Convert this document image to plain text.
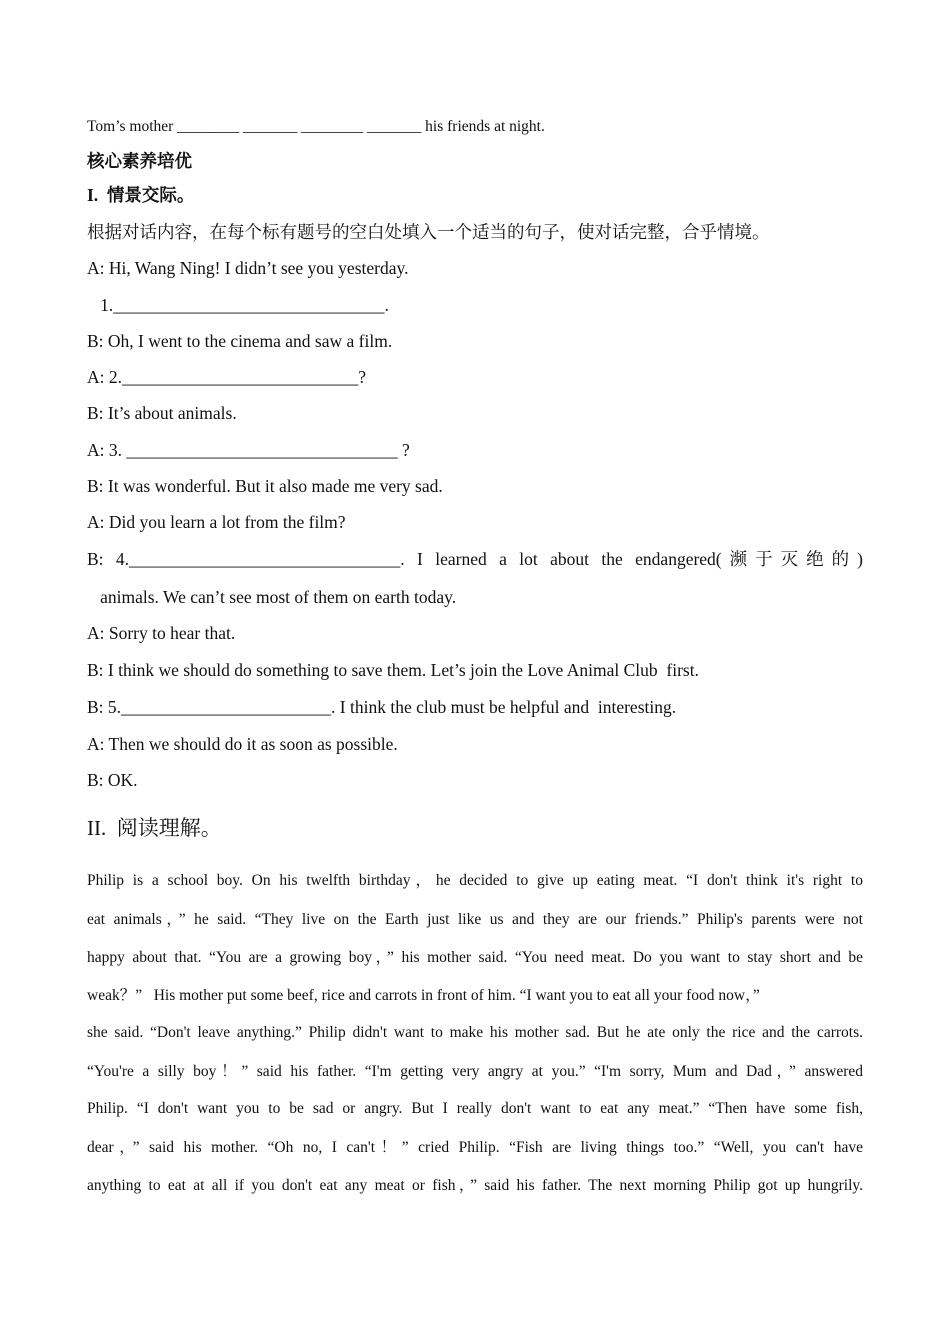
Tom’s mother ________ _______ ________ _______ his friends at night.
核心素养培优
I.  情景交际。
根据对话内容，在每个标有题号的空白处填入一个适当的句子，使对话完整，合乎情境。
A: Hi, Wang Ning! I didn’t see you yesterday.
1._______________________________.
B: Oh, I went to the cinema and saw a film.
A: 2.___________________________?
B: It’s about animals.
A: 3. _______________________________ ?
B: It was wonderful. But it also made me very sad.
A: Did you learn a lot from the film?
B: 4._______________________________. I learned a lot about the endangered(濒于灭绝的)
animals. We can’t see most of them on earth today.
A: Sorry to hear that.
B: I think we should do something to save them. Let’s join the Love Animal Club  first.
B: 5.________________________. I think the club must be helpful and  interesting.
A: Then we should do it as soon as possible.
B: OK.
II.  阅读理解。
Philip is a school boy. On his twelfth birthday，he decided to give up eating meat. “I don't think it's right to
eat animals，” he said. “They live on the Earth just like us and they are our friends.” Philip's parents were not
happy about that. “You are a growing boy，” his mother said. “You need meat. Do you want to stay short and be
weak？”   His mother put some beef, rice and carrots in front of him. “I want you to eat all your food now，”
she said. “Don't leave anything.” Philip didn't want to make his mother sad. But he ate only the rice and the carrots.
“You're a silly boy！” said his father. “I'm getting very angry at you.” “I'm sorry, Mum and Dad，” answered
Philip. “I don't want you to be sad or angry. But I really don't want to eat any meat.” “Then have some fish,
dear，” said his mother. “Oh no, I can't！” cried Philip. “Fish are living things too.” “Well, you can't have
anything to eat at all if you don't eat any meat or fish，” said his father. The next morning Philip got up hungrily.
